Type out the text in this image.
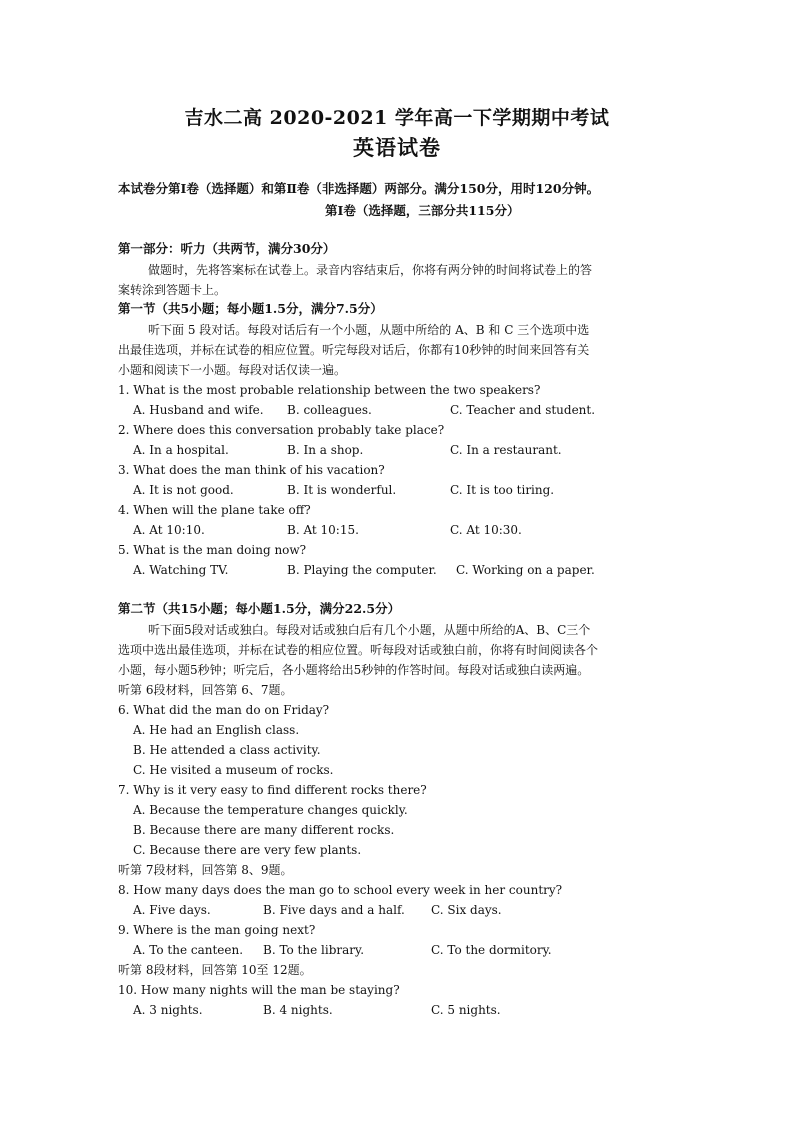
吉水二高 2020-2021 学年高一下学期期中考试
英语试卷
本试卷分第Ⅰ卷（选择题）和第Ⅱ卷（非选择题）两部分。满分150分，用时120分钟。
第Ⅰ卷（选择题，三部分共115分）
第一部分：听力（共两节，满分30分）
做题时，先将答案标在试卷上。录音内容结束后，你将有两分钟的时间将试卷上的答
案转涂到答题卡上。
第一节（共5小题；每小题1.5分，满分7.5分）
听下面 5 段对话。每段对话后有一个小题，从题中所给的 A、B 和 C 三个选项中选
出最佳选项，并标在试卷的相应位置。听完每段对话后，你都有10秒钟的时间来回答有关
小题和阅读下一小题。每段对话仅读一遍。
1. What is the most probable relationship between the two speakers?
A. Husband and wife. B. colleagues.	C. Teacher and student.
2. Where does this conversation probably take place?
A. In a hospital.	B. In a shop.	C. In a restaurant.
3. What does the man think of his vacation?
A. It is not good.	B. It is wonderful.	C. It is too tiring.
4. When will the plane take off?
A. At 10:10.	B. At 10:15.	C. At 10:30.
5. What is the man doing now?
A. Watching TV.	B. Playing the computer. C. Working on a paper.
第二节（共15小题；每小题1.5分，满分22.5分）
听下面5段对话或独白。每段对话或独白后有几个小题，从题中所给的A、B、C三个
选项中选出最佳选项，并标在试卷的相应位置。听每段对话或独白前，你将有时间阅读各个
小题，每小题5秒钟；听完后，各小题将给出5秒钟的作答时间。每段对话或独白读两遍。
听第 6段材料，回答第 6、7题。
6. What did the man do on Friday?
A. He had an English class.
B. He attended a class activity.
C. He visited a museum of rocks.
7. Why is it very easy to find different rocks there?
A. Because the temperature changes quickly.
B. Because there are many different rocks.
C. Because there are very few plants.
听第 7段材料，回答第 8、9题。
8. How many days does the man go to school every week in her country?
A. Five days.	B. Five days and a half. C. Six days.
9. Where is the man going next?
A. To the canteen. B. To the library.	C. To the dormitory.
听第 8段材料，回答第 10至 12题。
10. How many nights will the man be staying?
A. 3 nights.	B. 4 nights.	C. 5 nights.
